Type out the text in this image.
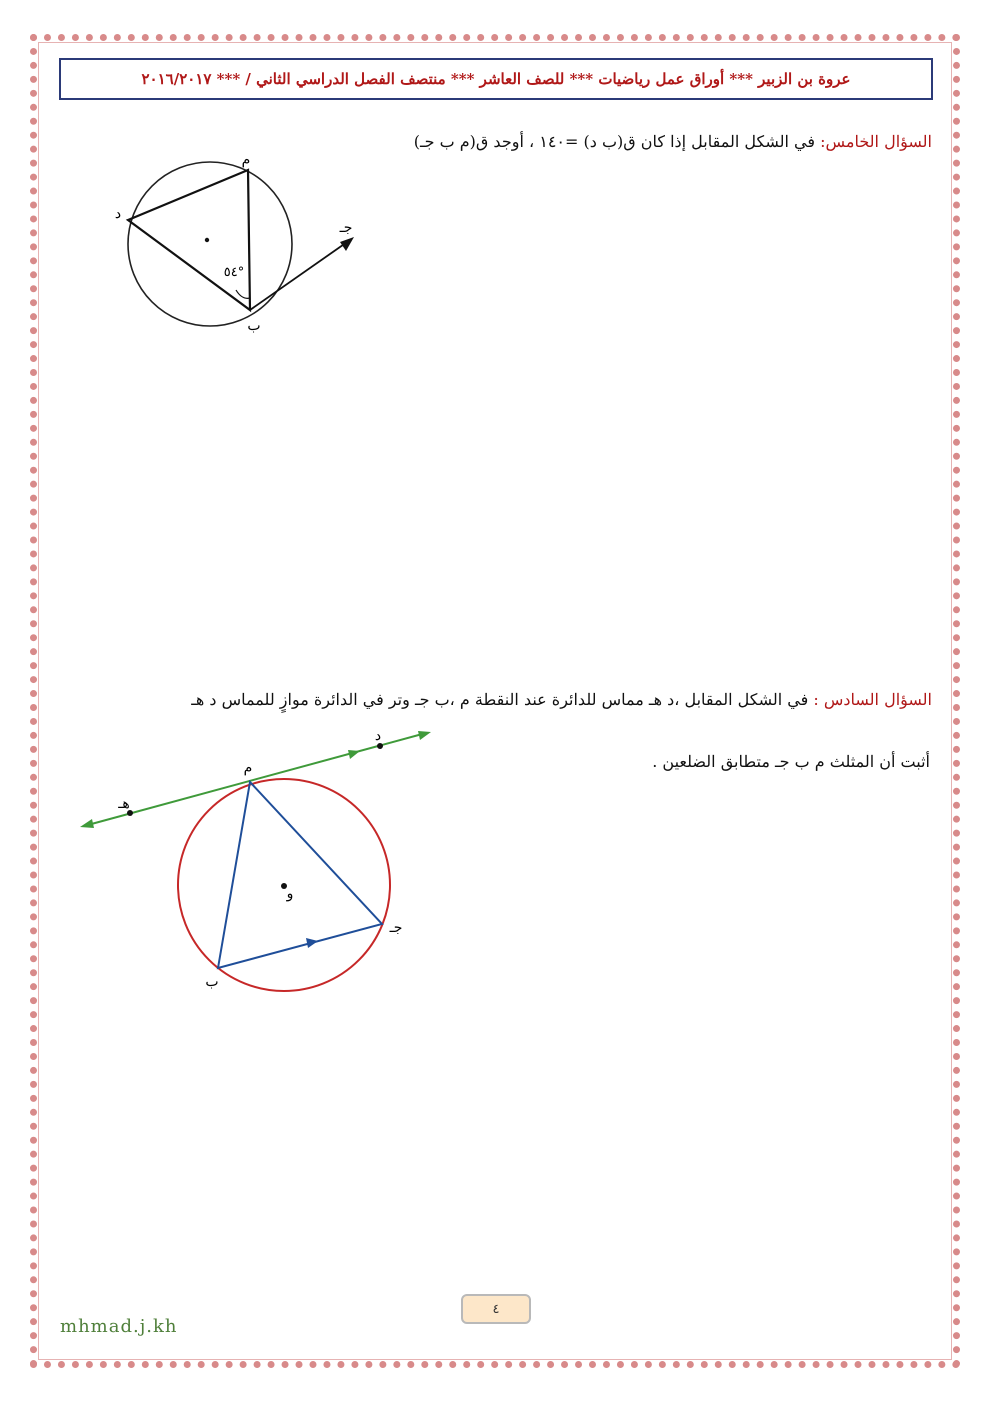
عروة بن الزبير *** أوراق عمل رياضيات *** للصف العاشر *** منتصف الفصل الدراسي الثاني / *** ٢٠١٦/٢٠١٧
السؤال الخامس: في الشكل المقابل إذا كان ق(ب د) =١٤٠ ، أوجد ق(م ب جـ)
م
د
ب
جـ
٥٤°
السؤال السادس : في الشكل المقابل ،د هـ مماس للدائرة عند النقطة م ،ب جـ وتر في الدائرة موازٍ للمماس د هـ
أثبت أن المثلث م ب جـ متطابق الضلعين .
د
هـ
م
و
جـ
ب
٤
mhmad.j.kh
